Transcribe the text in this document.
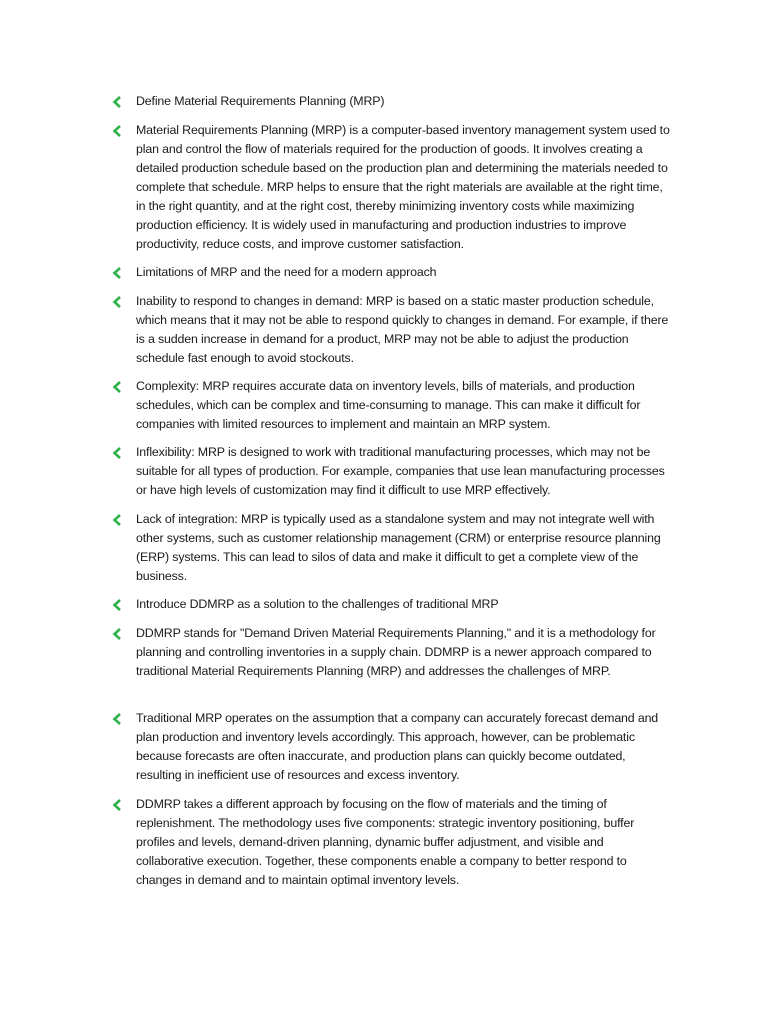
Define Material Requirements Planning (MRP)
Material Requirements Planning (MRP) is a computer-based inventory management system used to plan and control the flow of materials required for the production of goods. It involves creating a detailed production schedule based on the production plan and determining the materials needed to complete that schedule. MRP helps to ensure that the right materials are available at the right time, in the right quantity, and at the right cost, thereby minimizing inventory costs while maximizing production efficiency. It is widely used in manufacturing and production industries to improve productivity, reduce costs, and improve customer satisfaction.
Limitations of MRP and the need for a modern approach
Inability to respond to changes in demand: MRP is based on a static master production schedule, which means that it may not be able to respond quickly to changes in demand. For example, if there is a sudden increase in demand for a product, MRP may not be able to adjust the production schedule fast enough to avoid stockouts.
Complexity: MRP requires accurate data on inventory levels, bills of materials, and production schedules, which can be complex and time-consuming to manage. This can make it difficult for companies with limited resources to implement and maintain an MRP system.
Inflexibility: MRP is designed to work with traditional manufacturing processes, which may not be suitable for all types of production. For example, companies that use lean manufacturing processes or have high levels of customization may find it difficult to use MRP effectively.
Lack of integration: MRP is typically used as a standalone system and may not integrate well with other systems, such as customer relationship management (CRM) or enterprise resource planning (ERP) systems. This can lead to silos of data and make it difficult to get a complete view of the business.
Introduce DDMRP as a solution to the challenges of traditional MRP
DDMRP stands for "Demand Driven Material Requirements Planning," and it is a methodology for planning and controlling inventories in a supply chain. DDMRP is a newer approach compared to traditional Material Requirements Planning (MRP) and addresses the challenges of MRP.
Traditional MRP operates on the assumption that a company can accurately forecast demand and plan production and inventory levels accordingly. This approach, however, can be problematic because forecasts are often inaccurate, and production plans can quickly become outdated, resulting in inefficient use of resources and excess inventory.
DDMRP takes a different approach by focusing on the flow of materials and the timing of replenishment. The methodology uses five components: strategic inventory positioning, buffer profiles and levels, demand-driven planning, dynamic buffer adjustment, and visible and collaborative execution. Together, these components enable a company to better respond to changes in demand and to maintain optimal inventory levels.
